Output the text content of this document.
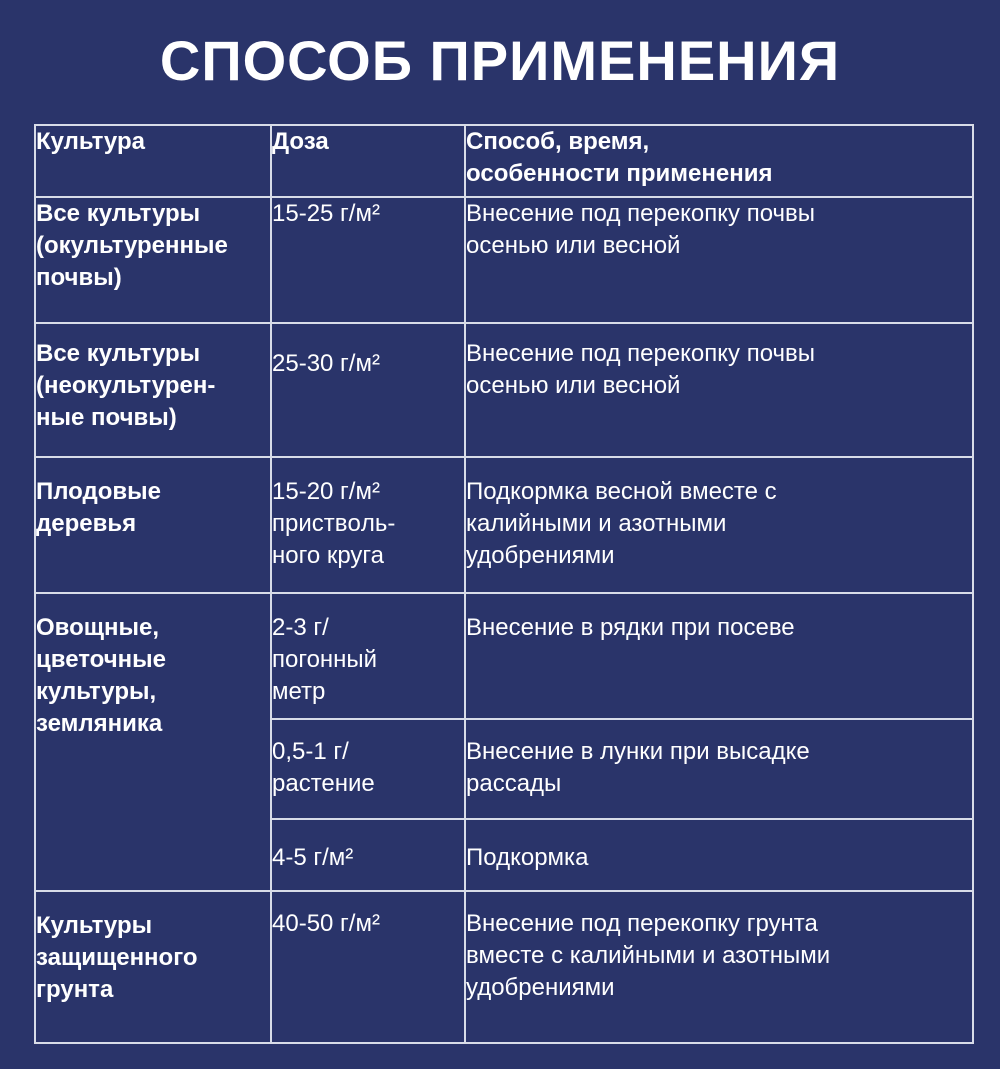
СПОСОБ ПРИМЕНЕНИЯ
Культура	Доза	Способ, время,
особенности применения
Все культуры
(окультуренные
почвы)	15-25 г/м²	Внесение под перекопку почвы
осенью или весной
Все культуры
(неокультурен-
ные почвы)	25-30 г/м²	Внесение под перекопку почвы
осенью или весной
Плодовые
деревья	15-20 г/м²
приствoль-
ного круга	Подкормка весной вместе с
калийными и азотными
удобрениями
Овощные,
цветочные
культуры,
земляника	2-3 г/
погонный
метр	Внесение в рядки при посеве
	0,5-1 г/
растение	Внесение в лунки при высадке
рассады
	4-5 г/м²	Подкормка
Культуры
защищенного
грунта	40-50 г/м²	Внесение под перекопку грунта
вместе с калийными и азотными
удобрениями
